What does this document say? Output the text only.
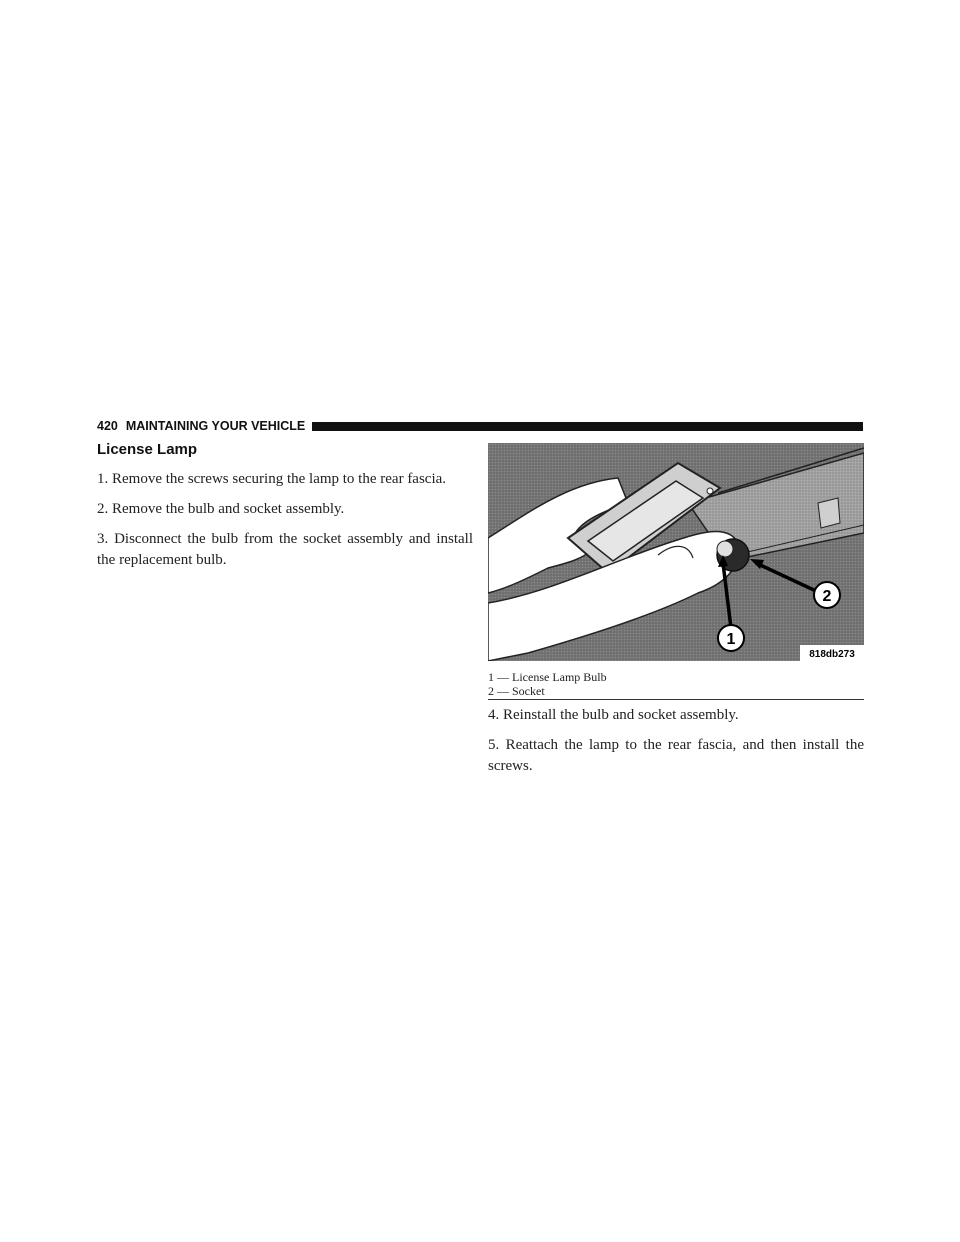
420 MAINTAINING YOUR VEHICLE
License Lamp

1. Remove the screws securing the lamp to the rear fascia.

2. Remove the bulb and socket assembly.

3. Disconnect the bulb from the socket assembly and install the replacement bulb.

1
2
818db273
1 — License Lamp Bulb
2 — Socket

4. Reinstall the bulb and socket assembly.

5. Reattach the lamp to the rear fascia, and then install the screws.
